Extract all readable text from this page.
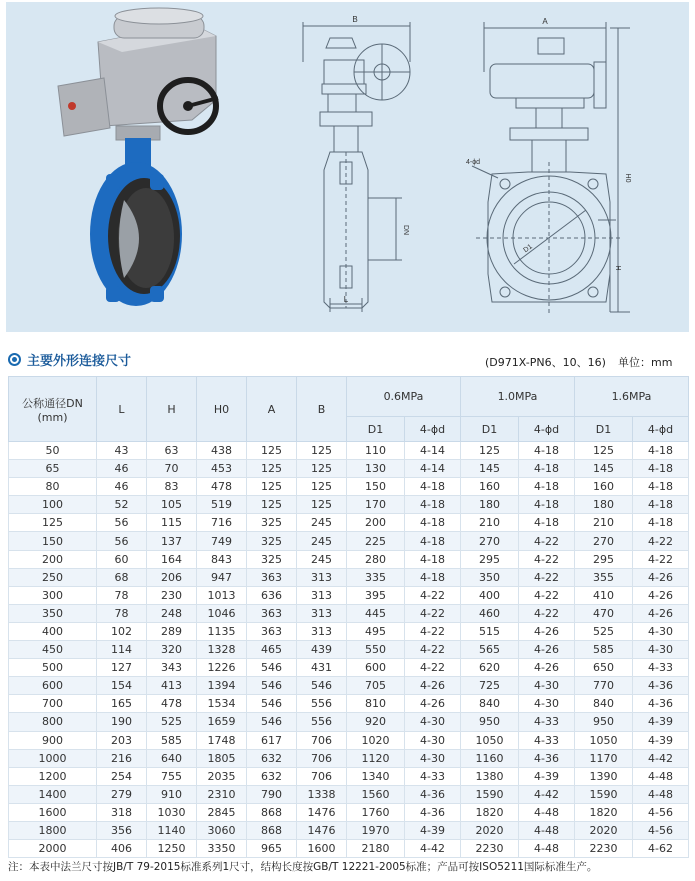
B
DN
L
A
H0
H
D1
4-ϕd
主要外形连接尺寸	(D971X-PN6、10、16) 单位：mm
公称通径DN
(mm)	L	H	H0	A	B	0.6MPa		1.0MPa		1.6MPa	
						D1	4-ϕd	D1	4-ϕd	D1	4-ϕd
50	43	63	438	125	125	110	4-14	125	4-18	125	4-18
65	46	70	453	125	125	130	4-14	145	4-18	145	4-18
80	46	83	478	125	125	150	4-18	160	4-18	160	4-18
100	52	105	519	125	125	170	4-18	180	4-18	180	4-18
125	56	115	716	325	245	200	4-18	210	4-18	210	4-18
150	56	137	749	325	245	225	4-18	270	4-22	270	4-22
200	60	164	843	325	245	280	4-18	295	4-22	295	4-22
250	68	206	947	363	313	335	4-18	350	4-22	355	4-26
300	78	230	1013	636	313	395	4-22	400	4-22	410	4-26
350	78	248	1046	363	313	445	4-22	460	4-22	470	4-26
400	102	289	1135	363	313	495	4-22	515	4-26	525	4-30
450	114	320	1328	465	439	550	4-22	565	4-26	585	4-30
500	127	343	1226	546	431	600	4-22	620	4-26	650	4-33
600	154	413	1394	546	546	705	4-26	725	4-30	770	4-36
700	165	478	1534	546	556	810	4-26	840	4-30	840	4-36
800	190	525	1659	546	556	920	4-30	950	4-33	950	4-39
900	203	585	1748	617	706	1020	4-30	1050	4-33	1050	4-39
1000	216	640	1805	632	706	1120	4-30	1160	4-36	1170	4-42
1200	254	755	2035	632	706	1340	4-33	1380	4-39	1390	4-48
1400	279	910	2310	790	1338	1560	4-36	1590	4-42	1590	4-48
1600	318	1030	2845	868	1476	1760	4-36	1820	4-48	1820	4-56
1800	356	1140	3060	868	1476	1970	4-39	2020	4-48	2020	4-56
2000	406	1250	3350	965	1600	2180	4-42	2230	4-48	2230	4-62
注：本表中法兰尺寸按JB/T 79-2015标准系列1尺寸，结构长度按GB/T 12221-2005标准；产品可按ISO5211国际标准生产。
